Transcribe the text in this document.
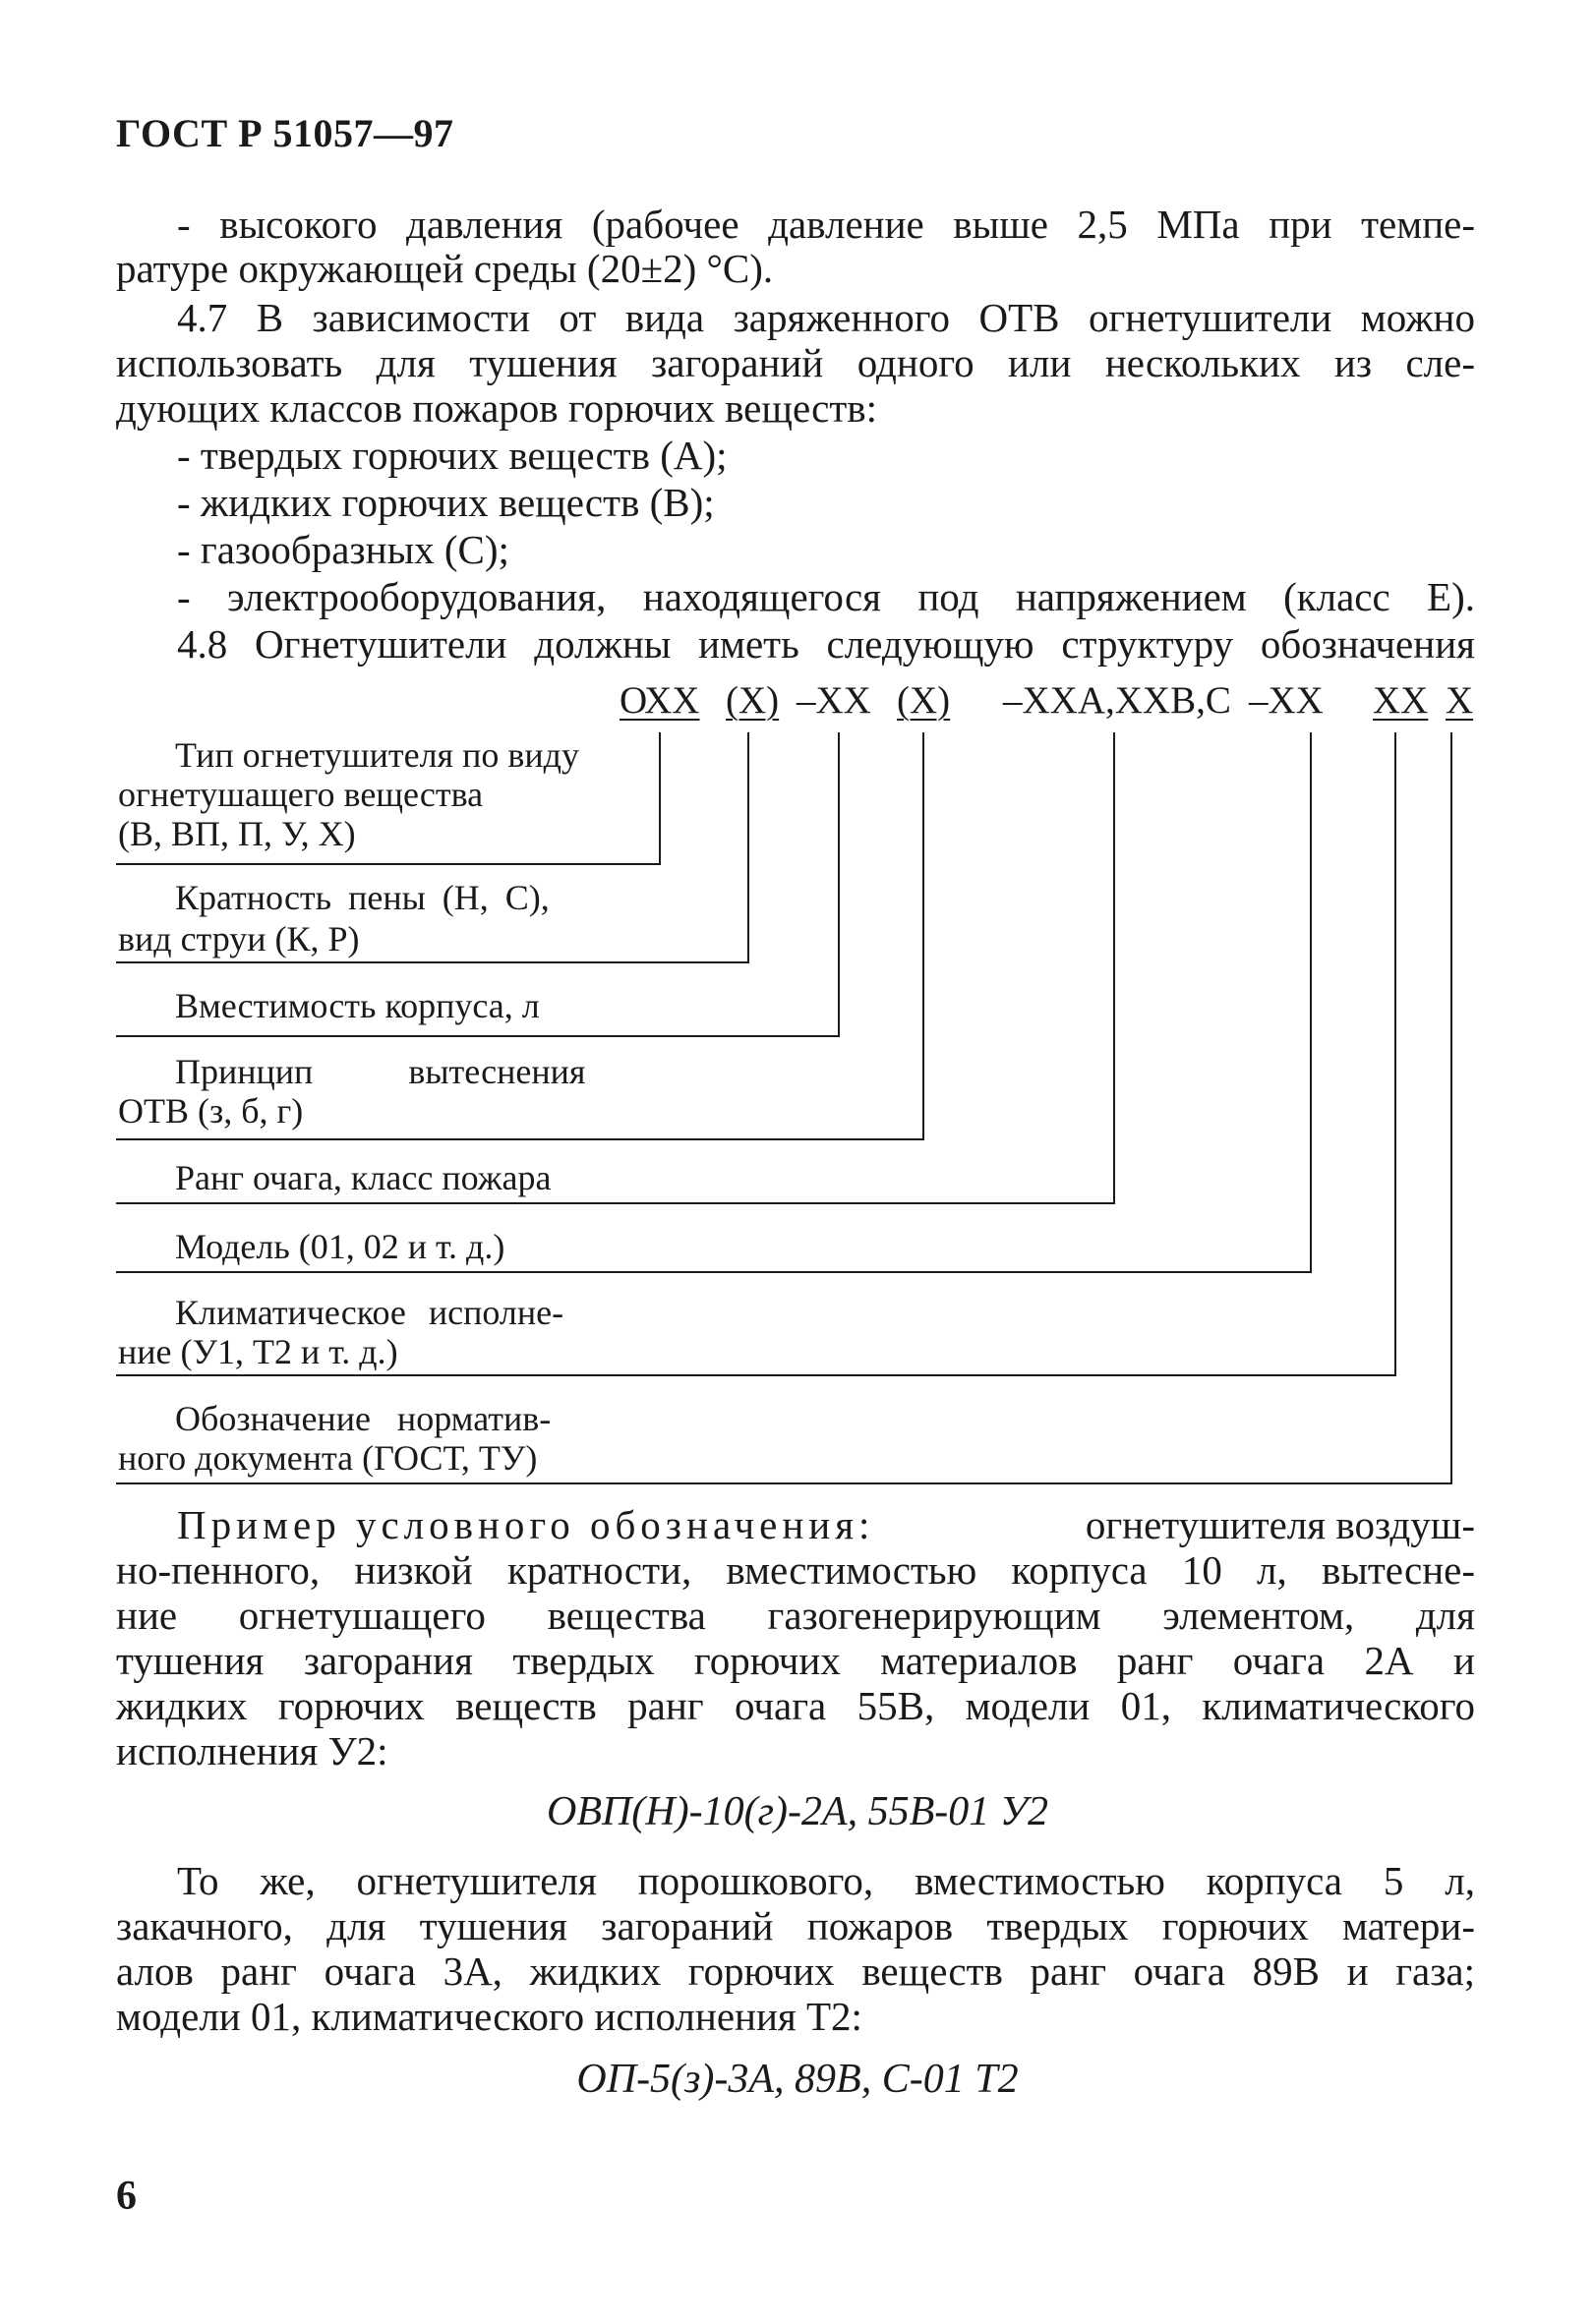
ГОСТ Р 51057—97
- высокого давления (рабочее давление выше 2,5 МПа при темпе-
ратуре окружающей среды (20±2) °С).
4.7 В зависимости от вида заряженного ОТВ огнетушители можно
использовать для тушения загораний одного или нескольких из сле-
дующих классов пожаров горючих веществ:
- твердых горючих веществ (А);
- жидких горючих веществ (В);
- газообразных (С);
- электрооборудования, находящегося под напряжением (класс Е).
4.8 Огнетушители должны иметь следующую структуру обозначения
ОХХ (Х) –ХХ (Х) –ХХА,ХХВ,С –ХХ ХХ Х
Тип огнетушителя по виду
огнетушащего вещества
(В, ВП, П, У, Х)
Кратность пены (Н, С),
вид струи (К, Р)
Вместимость корпуса, л
Принцип вытеснения
ОТВ (з, б, г)
Ранг очага, класс пожара
Модель (01, 02 и т. д.)
Климатическое исполне-
ние (У1, Т2 и т. д.)
Обозначение норматив-
ного документа (ГОСТ, ТУ)
Пример условного обозначения:	огнетушителя воздуш-
но-пенного, низкой кратности, вместимостью корпуса 10 л, вытесне-
ние огнетушащего вещества газогенерирующим элементом, для
тушения загорания твердых горючих материалов ранг очага 2А и
жидких горючих веществ ранг очага 55В, модели 01, климатического
исполнения У2:
ОВП(Н)-10(г)-2А, 55В-01 У2
То же, огнетушителя порошкового, вместимостью корпуса 5 л,
закачного, для тушения загораний пожаров твердых горючих матери-
алов ранг очага 3А, жидких горючих веществ ранг очага 89В и газа;
модели 01, климатического исполнения Т2:
ОП-5(з)-3А, 89В, С-01 Т2
6
